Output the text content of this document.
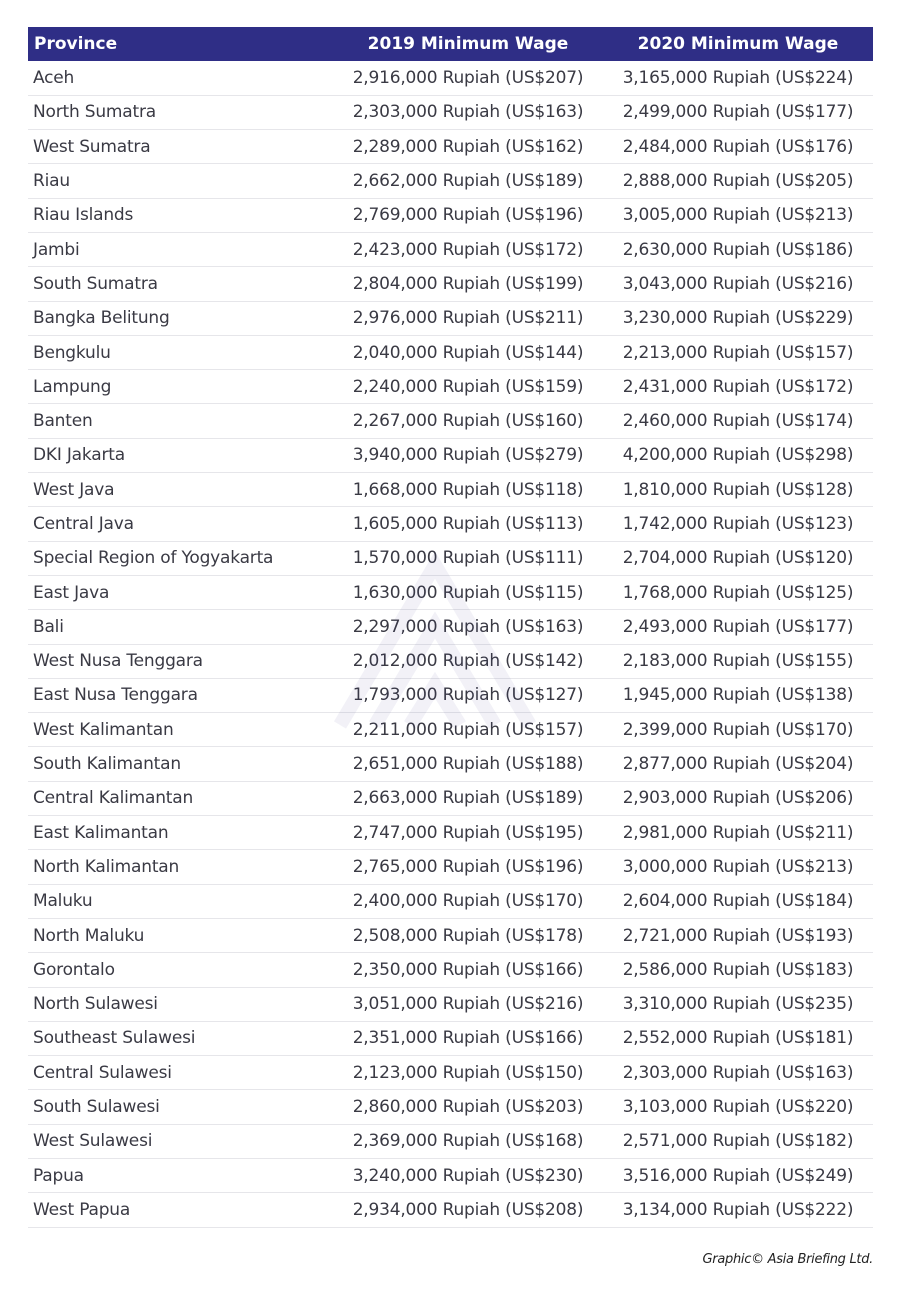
Province	2019 Minimum Wage	2020 Minimum Wage
Aceh	2,916,000 Rupiah (US$207)	3,165,000 Rupiah (US$224)
North Sumatra	2,303,000 Rupiah (US$163)	2,499,000 Rupiah (US$177)
West Sumatra	2,289,000 Rupiah (US$162)	2,484,000 Rupiah (US$176)
Riau	2,662,000 Rupiah (US$189)	2,888,000 Rupiah (US$205)
Riau Islands	2,769,000 Rupiah (US$196)	3,005,000 Rupiah (US$213)
Jambi	2,423,000 Rupiah (US$172)	2,630,000 Rupiah (US$186)
South Sumatra	2,804,000 Rupiah (US$199)	3,043,000 Rupiah (US$216)
Bangka Belitung	2,976,000 Rupiah (US$211)	3,230,000 Rupiah (US$229)
Bengkulu	2,040,000 Rupiah (US$144)	2,213,000 Rupiah (US$157)
Lampung	2,240,000 Rupiah (US$159)	2,431,000 Rupiah (US$172)
Banten	2,267,000 Rupiah (US$160)	2,460,000 Rupiah (US$174)
DKI Jakarta	3,940,000 Rupiah (US$279)	4,200,000 Rupiah (US$298)
West Java	1,668,000 Rupiah (US$118)	1,810,000 Rupiah (US$128)
Central Java	1,605,000 Rupiah (US$113)	1,742,000 Rupiah (US$123)
Special Region of Yogyakarta	1,570,000 Rupiah (US$111)	2,704,000 Rupiah (US$120)
East Java	1,630,000 Rupiah (US$115)	1,768,000 Rupiah (US$125)
Bali	2,297,000 Rupiah (US$163)	2,493,000 Rupiah (US$177)
West Nusa Tenggara	2,012,000 Rupiah (US$142)	2,183,000 Rupiah (US$155)
East Nusa Tenggara	1,793,000 Rupiah (US$127)	1,945,000 Rupiah (US$138)
West Kalimantan	2,211,000 Rupiah (US$157)	2,399,000 Rupiah (US$170)
South Kalimantan	2,651,000 Rupiah (US$188)	2,877,000 Rupiah (US$204)
Central Kalimantan	2,663,000 Rupiah (US$189)	2,903,000 Rupiah (US$206)
East Kalimantan	2,747,000 Rupiah (US$195)	2,981,000 Rupiah (US$211)
North Kalimantan	2,765,000 Rupiah (US$196)	3,000,000 Rupiah (US$213)
Maluku	2,400,000 Rupiah (US$170)	2,604,000 Rupiah (US$184)
North Maluku	2,508,000 Rupiah (US$178)	2,721,000 Rupiah (US$193)
Gorontalo	2,350,000 Rupiah (US$166)	2,586,000 Rupiah (US$183)
North Sulawesi	3,051,000 Rupiah (US$216)	3,310,000 Rupiah (US$235)
Southeast Sulawesi	2,351,000 Rupiah (US$166)	2,552,000 Rupiah (US$181)
Central Sulawesi	2,123,000 Rupiah (US$150)	2,303,000 Rupiah (US$163)
South Sulawesi	2,860,000 Rupiah (US$203)	3,103,000 Rupiah (US$220)
West Sulawesi	2,369,000 Rupiah (US$168)	2,571,000 Rupiah (US$182)
Papua	3,240,000 Rupiah (US$230)	3,516,000 Rupiah (US$249)
West Papua	2,934,000 Rupiah (US$208)	3,134,000 Rupiah (US$222)
Graphic© Asia Briefing Ltd.
